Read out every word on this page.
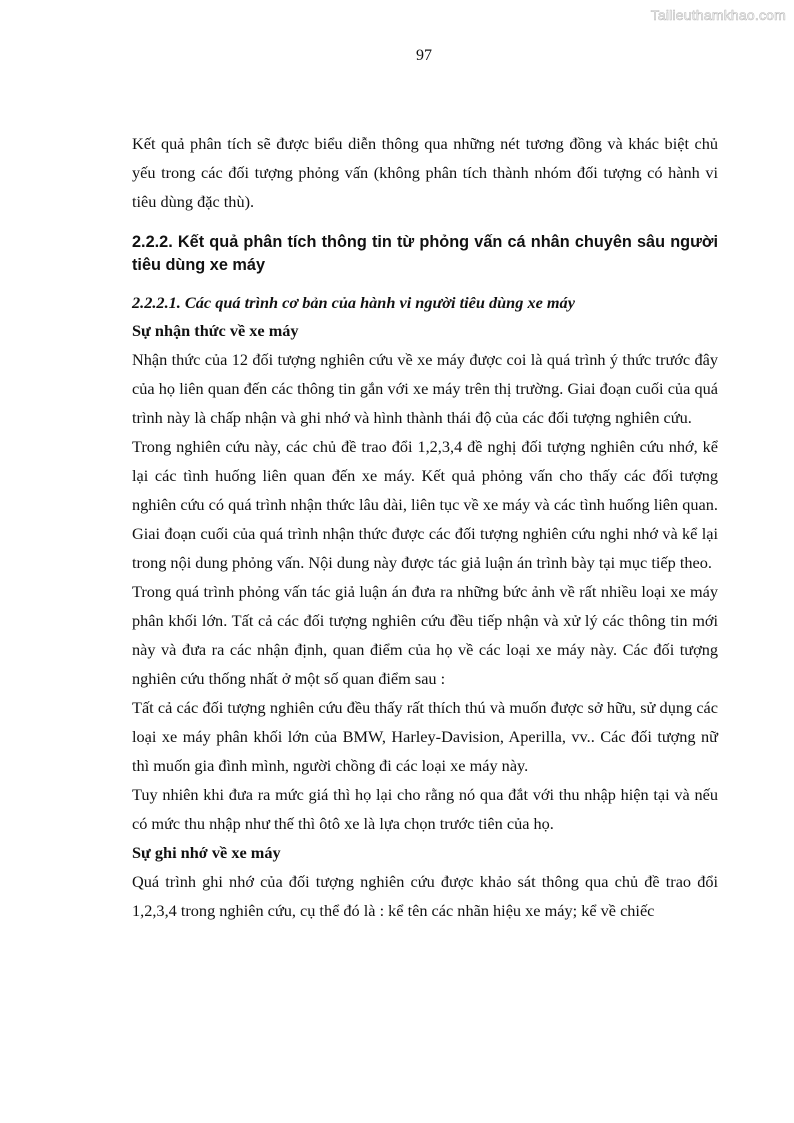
Tailieuthamkhao.com
97

Kết quả phân tích sẽ được biểu diễn thông qua những nét tương đồng và khác biệt chủ yếu trong các đối tượng phỏng vấn (không phân tích thành nhóm đối tượng có hành vi tiêu dùng đặc thù).

2.2.2. Kết quả phân tích thông tin từ phỏng vấn cá nhân chuyên sâu người tiêu dùng xe máy
2.2.2.1. Các quá trình cơ bản của hành vi người tiêu dùng xe máy
Sự nhận thức về xe máy

Nhận thức của 12 đối tượng nghiên cứu về xe máy được coi là quá trình ý thức trước đây của họ liên quan đến các thông tin gắn với xe máy trên thị trường. Giai đoạn cuối của quá trình này là chấp nhận và ghi nhớ và hình thành thái độ của các đối tượng nghiên cứu.

Trong nghiên cứu này, các chủ đề trao đổi 1,2,3,4 đề nghị đối tượng nghiên cứu nhớ, kể lại các tình huống liên quan đến xe máy. Kết quả phỏng vấn cho thấy các đối tượng nghiên cứu có quá trình nhận thức lâu dài, liên tục về xe máy và các tình huống liên quan.

Giai đoạn cuối của quá trình nhận thức được các đối tượng nghiên cứu nghi nhớ và kể lại trong nội dung phỏng vấn. Nội dung này được tác giả luận án trình bày tại mục tiếp theo.

Trong quá trình phỏng vấn tác giả luận án đưa ra những bức ảnh về rất nhiều loại xe máy phân khối lớn. Tất cả các đối tượng nghiên cứu đều tiếp nhận và xử lý các thông tin mới này và đưa ra các nhận định, quan điểm của họ về các loại xe máy này. Các đối tượng nghiên cứu thống nhất ở một số quan điểm sau :

Tất cả các đối tượng nghiên cứu đều thấy rất thích thú và muốn được sở hữu, sử dụng các loại xe máy phân khối lớn của BMW, Harley-Davision, Aperilla, vv.. Các đối tượng nữ thì muốn gia đình mình, người chồng đi các loại xe máy này.

Tuy nhiên khi đưa ra mức giá thì họ lại cho rằng nó qua đắt với thu nhập hiện tại và nếu có mức thu nhập như thế thì ôtô xe là lựa chọn trước tiên của họ.

Sự ghi nhớ về xe máy

Quá trình ghi nhớ của đối tượng nghiên cứu được khảo sát thông qua chủ đề trao đổi 1,2,3,4 trong nghiên cứu, cụ thể đó là : kể tên các nhãn hiệu xe máy; kể về chiếc
